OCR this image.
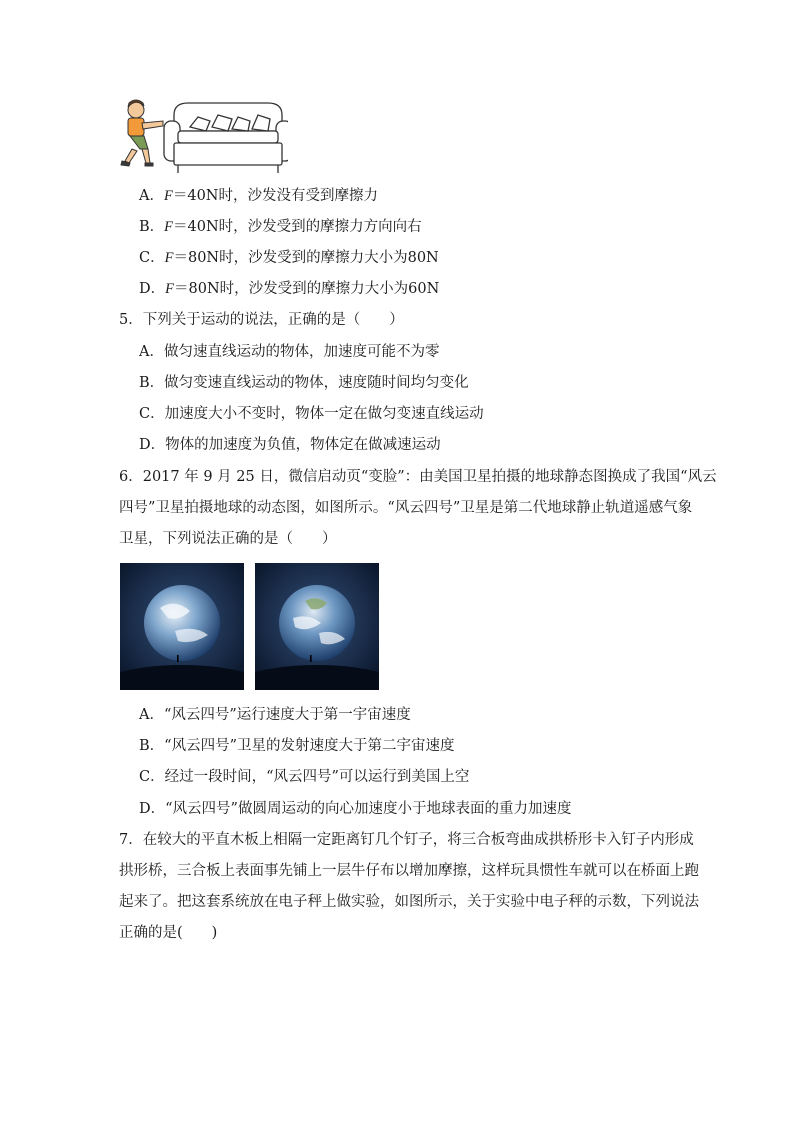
A．F＝40N时，沙发没有受到摩擦力
B．F＝40N时，沙发受到的摩擦力方向向右
C．F＝80N时，沙发受到的摩擦力大小为80N
D．F＝80N时，沙发受到的摩擦力大小为60N
5．下列关于运动的说法，正确的是（　　）
A．做匀速直线运动的物体，加速度可能不为零
B．做匀变速直线运动的物体，速度随时间均匀变化
C．加速度大小不变时，物体一定在做匀变速直线运动
D．物体的加速度为负值，物体定在做减速运动
6．2017 年 9 月 25 日，微信启动页“变脸”：由美国卫星拍摄的地球静态图换成了我国“风云
四号”卫星拍摄地球的动态图，如图所示。“风云四号”卫星是第二代地球静止轨道遥感气象
卫星，下列说法正确的是（　　）
A．“风云四号”运行速度大于第一宇宙速度
B．“风云四号”卫星的发射速度大于第二宇宙速度
C．经过一段时间，“风云四号”可以运行到美国上空
D．“风云四号”做圆周运动的向心加速度小于地球表面的重力加速度
7．在较大的平直木板上相隔一定距离钉几个钉子，将三合板弯曲成拱桥形卡入钉子内形成
拱形桥，三合板上表面事先铺上一层牛仔布以增加摩擦，这样玩具惯性车就可以在桥面上跑
起来了。把这套系统放在电子秤上做实验，如图所示，关于实验中电子秤的示数，下列说法
正确的是(　　)
